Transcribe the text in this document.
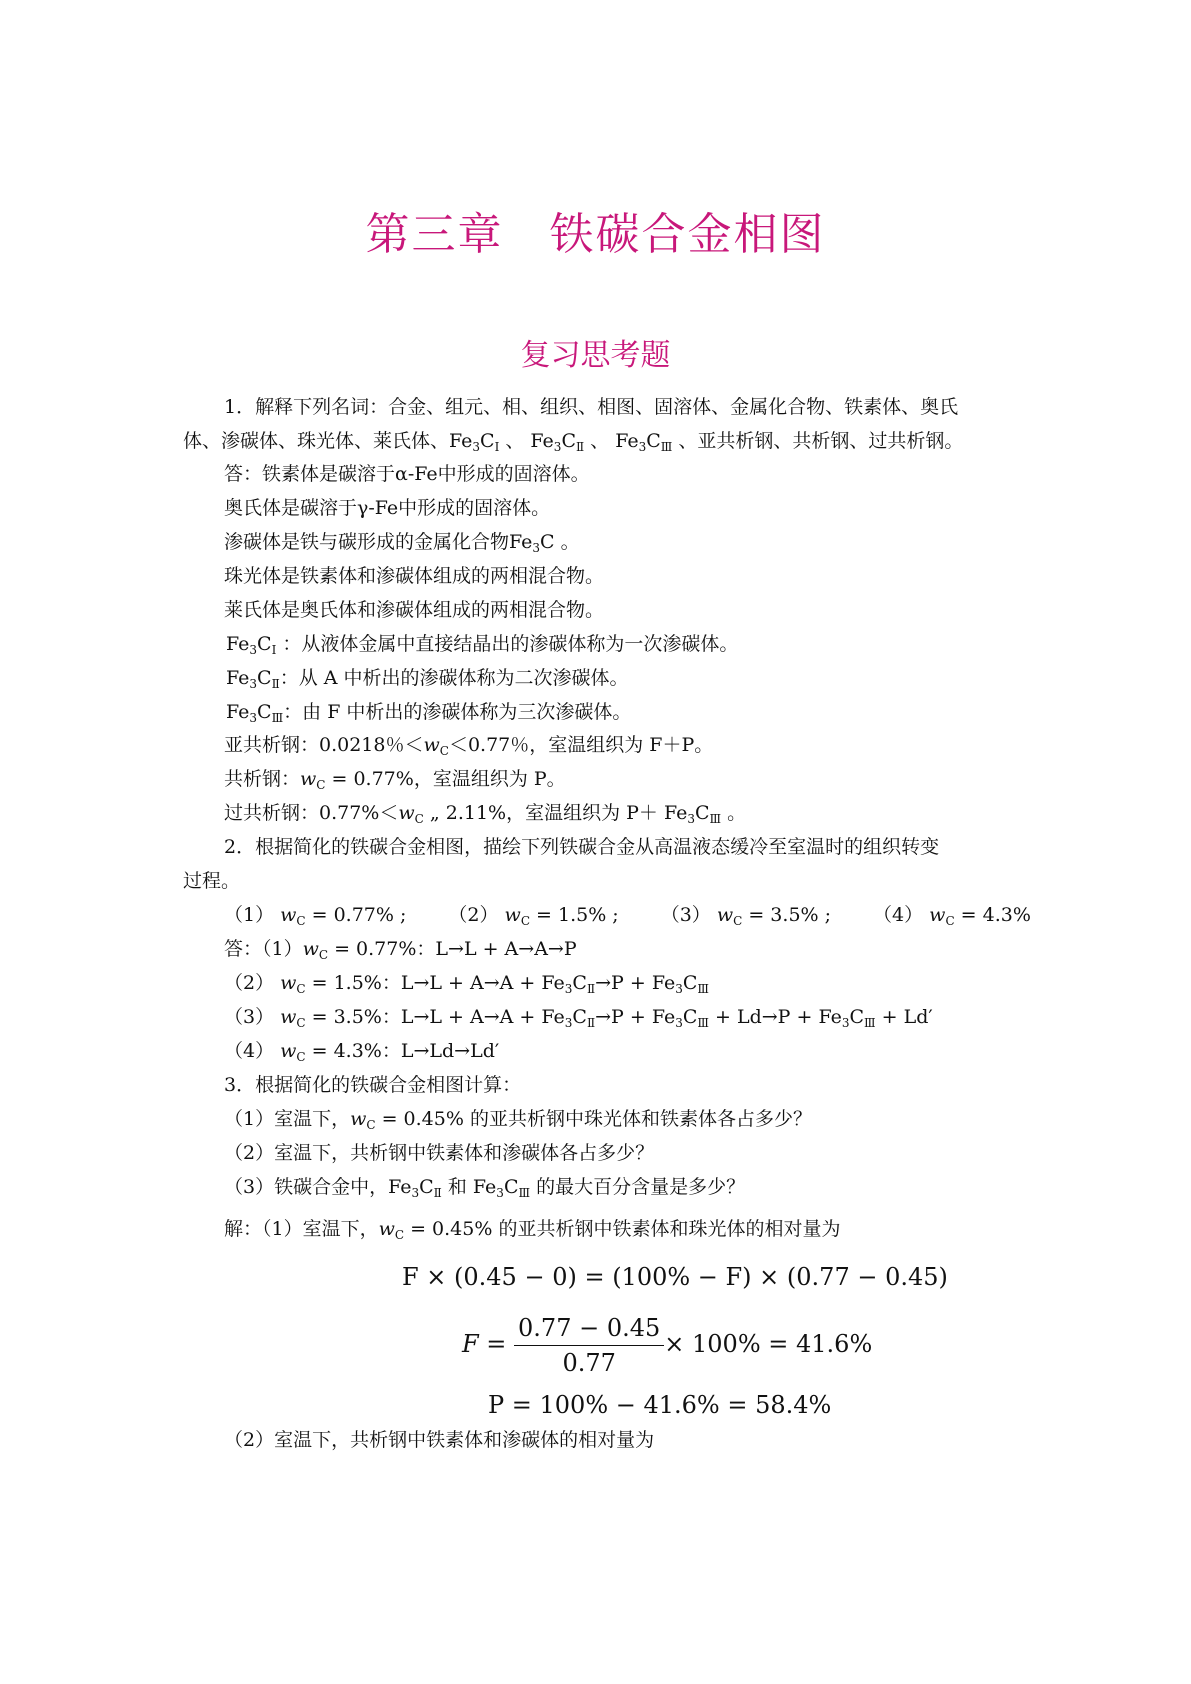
第三章 铁碳合金相图
复习思考题
1．解释下列名词：合金、组元、相、组织、相图、固溶体、金属化合物、铁素体、奥氏
体、渗碳体、珠光体、莱氏体、$Fe_3C_Ⅰ$ 、 $Fe_3C_Ⅱ$ 、 $Fe_3C_Ⅲ$ 、亚共析钢、共析钢、过共析钢。
答：铁素体是碳溶于α-Fe中形成的固溶体。
奥氏体是碳溶于γ-Fe中形成的固溶体。
渗碳体是铁与碳形成的金属化合物$Fe_3C$ 。
珠光体是铁素体和渗碳体组成的两相混合物。
莱氏体是奥氏体和渗碳体组成的两相混合物。
$Fe_3C_Ⅰ$ ：从液体金属中直接结晶出的渗碳体称为一次渗碳体。
$Fe_3C_Ⅱ$：从 A 中析出的渗碳体称为二次渗碳体。
$Fe_3C_Ⅲ$：由 F 中析出的渗碳体称为三次渗碳体。
亚共析钢：0.0218％$<w_C<0.77$％，室温组织为 F＋P。
共析钢：$w_C = 0.77\%$，室温组织为 P。
过共析钢：$0.77\%<w_C$ „ 2.11%，室温组织为 $P+ Fe_3C_Ⅲ$ 。
2．根据简化的铁碳合金相图，描绘下列铁碳合金从高温液态缓冷至室温时的组织转变
过程。
（1） $w_C = 0.77\%$ ; （2） $w_C = 1.5\%$ ; （3） $w_C = 3.5\%$ ; （4） $w_C = 4.3\%$
答：$(1)w_C = 0.77\%$：L→L + A→A→P
（2） $w_C = 1.5\%$：$L\to L + A\to A + Fe_3C_Ⅱ\to P + Fe_3C_Ⅲ$
（3） $w_C = 3.5\%$：$L\to L + A\to A + Fe_3C_Ⅱ\to P + Fe_3C_Ⅲ + Ld\to P + Fe_3C_Ⅲ + Ld'$
（4） $w_C = 4.3\%$：L→Ld→Ld′
3．根据简化的铁碳合金相图计算：
（1）室温下，$w_C = 0.45\%$ 的亚共析钢中珠光体和铁素体各占多少？
（2）室温下，共析钢中铁素体和渗碳体各占多少？
（3）铁碳合金中，$Fe_3C_Ⅱ$ 和 $Fe_3C_Ⅲ$ 的最大百分含量是多少？
解：（1）室温下，$w_C = 0.45\%$ 的亚共析钢中铁素体和珠光体的相对量为
F × (0.45 − 0) = (100% − F) × (0.77 − 0.45)
$F = \frac{0.77 - 0.45}{0.77} \times 100\% = 41.6\%$
P = 100% − 41.6% = 58.4%
（2）室温下，共析钢中铁素体和渗碳体的相对量为
